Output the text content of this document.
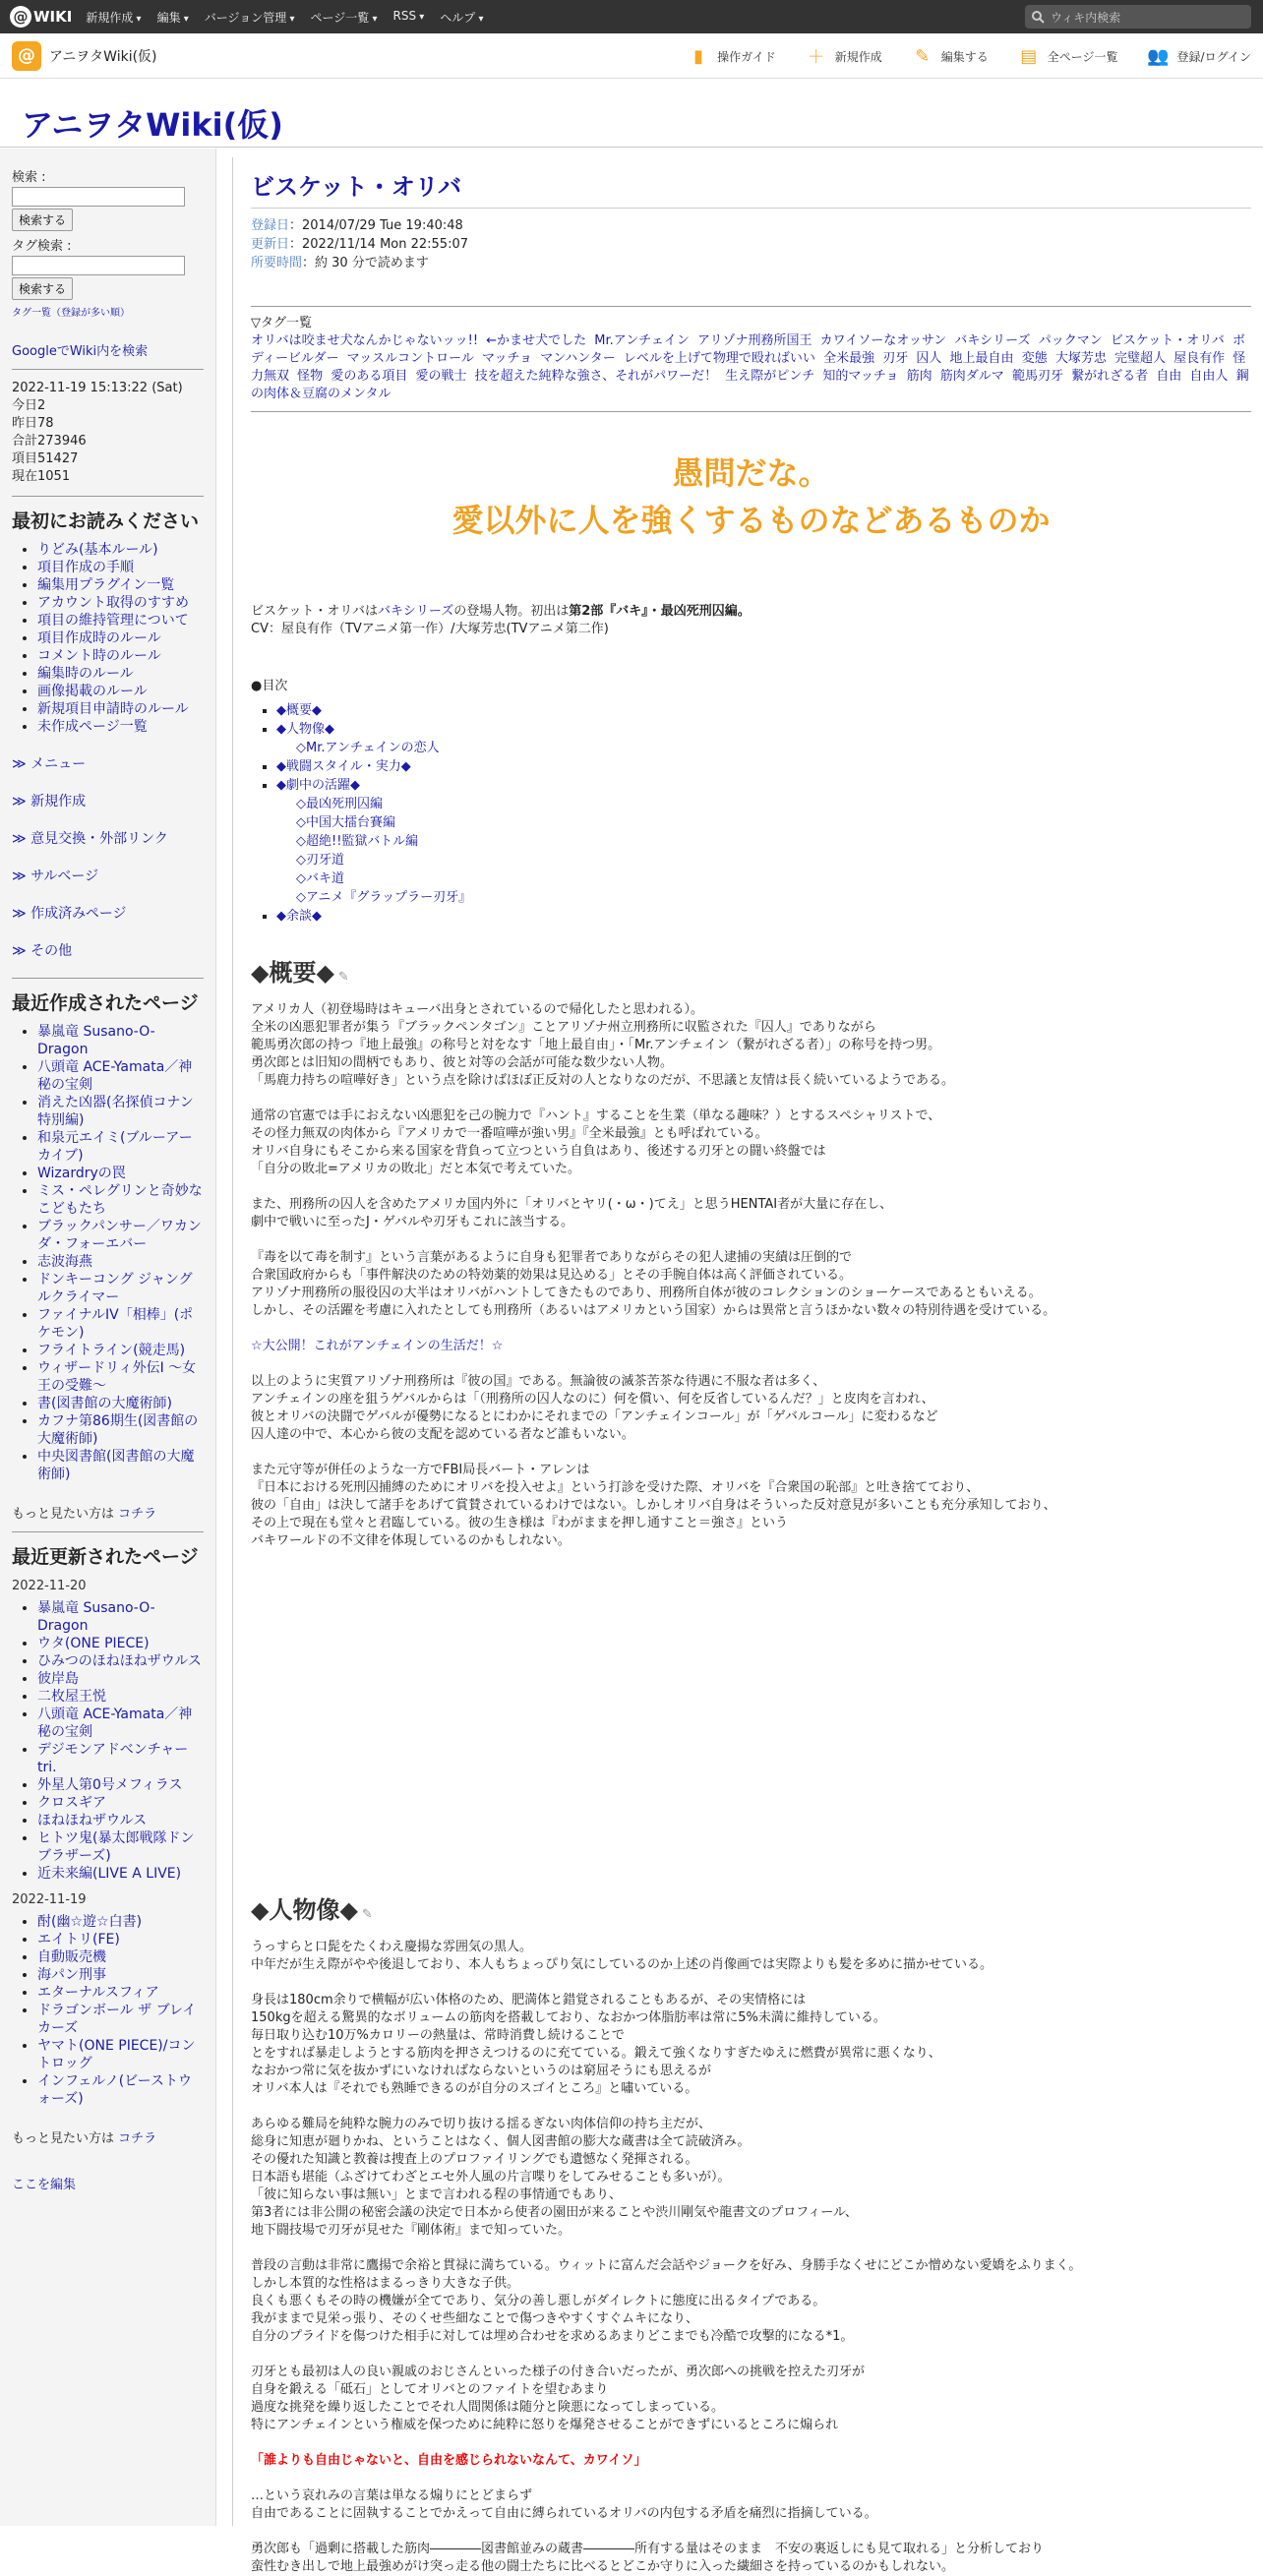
@ WIKI 新規作成 ▾	編集 ▾	バージョン管理 ▾	ページ一覧 ▾	RSS ▾	ヘルプ ▾	ウィキ内検索
@	アニヲタWiki(仮)	▮	操作ガイド ＋ 新規作成 ✎ 編集する ▤ 全ページ一覧 👥 登録/ログイン
アニヲタWiki(仮)
検索 :
検索する
タグ検索 :
検索する
タグ一覧（登録が多い順）
GoogleでWiki内を検索
2022-11-19 15:13:22 (Sat)
今日2
昨日78
合計273946
項目51427
現在1051
最初にお読みください
• りどみ(基本ルール)
• 項目作成の手順
• 編集用プラグイン一覧
• アカウント取得のすすめ
• 項目の維持管理について
• 項目作成時のルール
• コメント時のルール
• 編集時のルール
• 画像掲載のルール
• 新規項目申請時のルール
• 未作成ページ一覧
≫ メニュー
≫ 新規作成
≫ 意見交換・外部リンク
≫ サルベージ
≫ 作成済みページ
≫ その他
最近作成されたページ
• 暴嵐竜 Susano-O-Dragon
• 八頭竜 ACE-Yamata／神秘の宝剣
• 消えた凶器(名探偵コナン特別編)
• 和泉元エイミ(ブルーアーカイブ)
• Wizardryの罠
• ミス・ペレグリンと奇妙なこどもたち
• ブラックパンサー／ワカンダ・フォーエバー
• 志波海燕
• ドンキーコング ジャングルクライマー
• ファイナルIV「相棒」(ポケモン)
• フライトライン(競走馬)
• ウィザードリィ外伝I ～女王の受難～
• 書(図書館の大魔術師)
• カフナ第86期生(図書館の大魔術師)
• 中央図書館(図書館の大魔術師)
もっと見たい方は コチラ
最近更新されたページ
2022-11-20
• 暴嵐竜 Susano-O-Dragon
• ウタ(ONE PIECE)
• ひみつのほねほねザウルス
• 彼岸島
• 二枚屋王悦
• 八頭竜 ACE-Yamata／神秘の宝剣
• デジモンアドベンチャー tri.
• 外星人第0号メフィラス
• クロスギア
• ほねほねザウルス
• ヒトツ鬼(暴太郎戦隊ドンブラザーズ)
• 近未来編(LIVE A LIVE)
2022-11-19
• 酎(幽☆遊☆白書)
• エイトリ(FE)
• 自動販売機
• 海パン刑事
• エターナルスフィア
• ドラゴンボール ザ ブレイカーズ
• ヤマト(ONE PIECE)/コントロッグ
• インフェルノ(ビーストウォーズ)
もっと見たい方は コチラ
ここを編集
ビスケット・オリバ
登録日：2014/07/29 Tue 19:40:48
更新日：2022/11/14 Mon 22:55:07
所要時間：約 30 分で読めます
▽タグ一覧
オリバは咬ませ犬なんかじゃないッッ!! ←かませ犬でした Mr.アンチェイン アリゾナ刑務所国王 カワイソーなオッサン バキシリーズ パックマン ビスケット・オリバ ボディービルダー マッスルコントロール マッチョ マンハンター レベルを上げて物理で殴ればいい 全米最強 刃牙 囚人 地上最自由 変態 大塚芳忠 完璧超人 屋良有作 怪力無双 怪物 愛のある項目 愛の戦士 技を超えた純粋な強さ、それがパワーだ！ 生え際がピンチ 知的マッチョ 筋肉 筋肉ダルマ 範馬刃牙 繋がれざる者 自由 自由人 鋼の肉体＆豆腐のメンタル
愚問だな。
愛以外に人を強くするものなどあるものか

ビスケット・オリバはバキシリーズの登場人物。初出は第2部『バキ』・最凶死刑囚編。
CV：屋良有作（TVアニメ第一作）/大塚芳忠(TVアニメ第二作)

●目次

▪ ◆概要◆
▪ ◆人物像◆
◇Mr.アンチェインの恋人
▪ ◆戦闘スタイル・実力◆
▪ ◆劇中の活躍◆
◇最凶死刑囚編
◇中国大擂台賽編
◇超絶!!監獄バトル編
◇刃牙道
◇バキ道
◇アニメ『グラップラー刃牙』
▪ ◆余談◆
◆概要◆ ✎

アメリカ人（初登場時はキューバ出身とされているので帰化したと思われる）。
全米の凶悪犯罪者が集う『ブラックペンタゴン』ことアリゾナ州立刑務所に収監された『囚人』でありながら
範馬勇次郎の持つ『地上最強』の称号と対をなす「地上最自由」・「Mr.アンチェイン（繋がれざる者）」の称号を持つ男。
勇次郎とは旧知の間柄でもあり、彼と対等の会話が可能な数少ない人物。
「馬鹿力持ちの喧嘩好き」という点を除けばほぼ正反対の人となりなのだが、不思議と友情は長く続いているようである。

通常の官憲では手におえない凶悪犯を己の腕力で『ハント』することを生業（単なる趣味？）とするスペシャリストで、
その怪力無双の肉体から『アメリカで一番喧嘩が強い男』『全米最強』とも呼ばれている。
オリバ自身にもそこから来る国家を背負って立つという自負はあり、後述する刃牙との闘い終盤では
「自分の敗北=アメリカの敗北」だと本気で考えていた。

また、刑務所の囚人を含めたアメリカ国内外に「オリバとヤリ(・ω・)てえ」と思うHENTAI者が大量に存在し、
劇中で戦いに至ったJ・ゲバルや刃牙もこれに該当する。

『毒を以て毒を制す』という言葉があるように自身も犯罪者でありながらその犯人逮捕の実績は圧倒的で
合衆国政府からも「事件解決のための特効薬的効果は見込める」とその手腕自体は高く評価されている。
アリゾナ刑務所の服役囚の大半はオリバがハントしてきたものであり、刑務所自体が彼のコレクションのショーケースであるともいえる。
しかし、その活躍を考慮に入れたとしても刑務所（あるいはアメリカという国家）からは異常と言うほかない数々の特別待遇を受けている。

☆大公開！これがアンチェインの生活だ！☆

以上のように実質アリゾナ刑務所は『彼の国』である。無論彼の滅茶苦茶な待遇に不服な者は多く、
アンチェインの座を狙うゲバルからは「（刑務所の囚人なのに）何を償い、何を反省しているんだ？」と皮肉を言われ、
彼とオリバの決闘でゲバルが優勢になるとにわかにそれまでの「アンチェインコール」が「ゲバルコール」に変わるなど
囚人達の中で、本心から彼の支配を認めている者など誰もいない。

また元守等が併任のような一方でFBI局長バート・アレンは
『日本における死刑囚捕縛のためにオリバを投入せよ』という打診を受けた際、オリバを『合衆国の恥部』と吐き捨てており、
彼の「自由」は決して諸手をあげて賞賛されているわけではない。しかしオリバ自身はそういった反対意見が多いことも充分承知しており、
その上で現在も堂々と君臨している。彼の生き様は『わがままを押し通すこと＝強さ』という
バキワールドの不文律を体現しているのかもしれない。

◆人物像◆ ✎

うっすらと口髭をたくわえ慶揚な雰囲気の黒人。
中年だが生え際がやや後退しており、本人もちょっぴり気にしているのか上述の肖像画では実際よりも髪を多めに描かせている。

身長は180cm余りで横幅が広い体格のため、肥満体と錯覚されることもあるが、その実情格には
150kgを超える驚異的なボリュームの筋肉を搭載しており、なおかつ体脂肪率は常に5%未満に維持している。
毎日取り込む10万%カロリーの熱量は、常時消費し続けることで
とをすれば暴走しようとする筋肉を押さえつけるのに充てている。鍛えて強くなりすぎたゆえに燃費が異常に悪くなり、
なおかつ常に気を抜かずにいなければならないというのは窮屈そうにも思えるが
オリバ本人は『それでも熟睡できるのが自分のスゴイところ』と嘯いている。

あらゆる難局を純粋な腕力のみで切り抜ける揺るぎない肉体信仰の持ち主だが、
総身に知恵が廻りかね、ということはなく、個人図書館の膨大な蔵書は全て読破済み。
その優れた知識と教養は捜査上のプロファイリングでも遺憾なく発揮される。
日本語も堪能（ふざけてわざとエセ外人風の片言喋りをしてみせることも多いが）。
「彼に知らない事は無い」とまで言われる程の事情通でもあり、
第3者には非公開の秘密会議の決定で日本から使者の園田が来ることや渋川剛気や龍書文のプロフィール、
地下闘技場で刃牙が見せた『剛体術』まで知っていた。

普段の言動は非常に鷹揚で余裕と貫禄に満ちている。ウィットに富んだ会話やジョークを好み、身勝手なくせにどこか憎めない愛嬌をふりまく。
しかし本質的な性格はまるっきり大きな子供。
良くも悪くもその時の機嫌が全てであり、気分の善し悪しがダイレクトに態度に出るタイプである。
我がままで見栄っ張り、そのくせ些細なことで傷つきやすくすぐムキになり、
自分のプライドを傷つけた相手に対しては埋め合わせを求めるあまりどこまでも冷酷で攻撃的になる*1。

刃牙とも最初は人の良い親戚のおじさんといった様子の付き合いだったが、勇次郎への挑戦を控えた刃牙が
自身を鍛える「砥石」としてオリバとのファイトを望むあまり
過度な挑発を繰り返したことでそれ人間関係は随分と険悪になってしまっている。
特にアンチェインという権威を保つために純粋に怒りを爆発させることができずにいるところに煽られ

「誰よりも自由じゃないと、自由を感じられないなんて、カワイソ」

…という哀れみの言葉は単なる煽りにとどまらず
自由であることに固執することでかえって自由に縛られているオリバの内包する矛盾を痛烈に指摘している。

勇次郎も「過剰に搭載した筋肉――――図書館並みの蔵書――――所有する量はそのまま　不安の裏返しにも見て取れる」と分析しており
蛮性むき出しで地上最強めがけ突っ走る他の闘士たちに比べるとどこか守りに入った繊細さを持っているのかもしれない。
